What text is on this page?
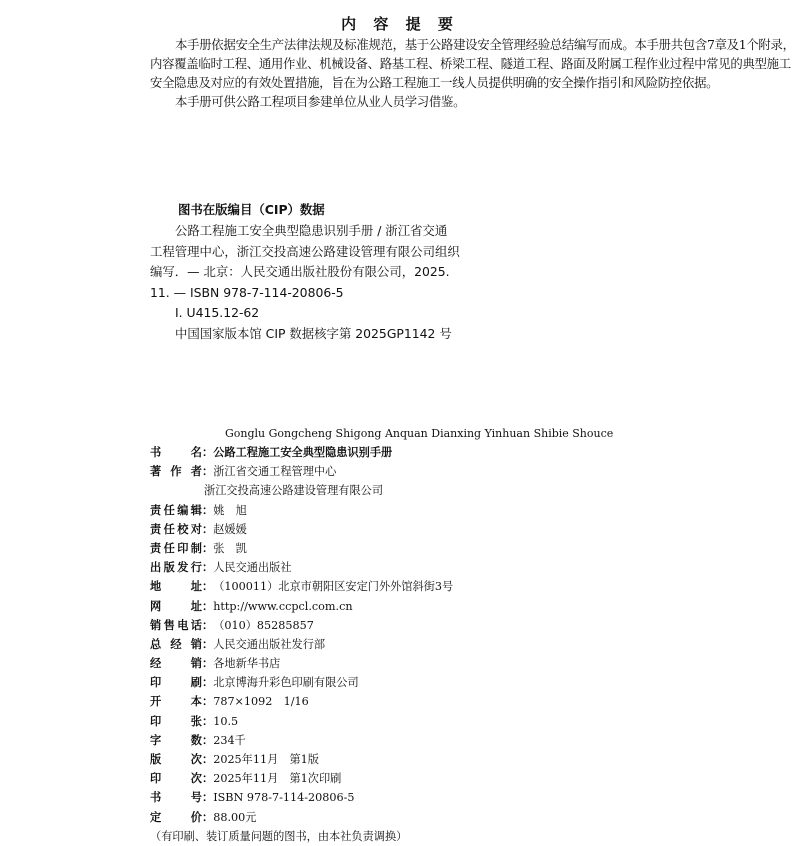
内 容 提 要

本手册依据安全生产法律法规及标准规范，基于公路建设安全管理经验总结编写而成。本手册共包含7章及1个附录，内容覆盖临时工程、通用作业、机械设备、路基工程、桥梁工程、隧道工程、路面及附属工程作业过程中常见的典型施工安全隐患及对应的有效处置措施，旨在为公路工程施工一线人员提供明确的安全操作指引和风险防控依据。

本手册可供公路工程项目参建单位从业人员学习借鉴。

图书在版编目（CIP）数据
公路工程施工安全典型隐患识别手册 / 浙江省交通
工程管理中心，浙江交投高速公路建设管理有限公司组织
编写．— 北京：人民交通出版社股份有限公司，2025.
11. — ISBN 978-7-114-20806-5
Ⅰ. U415.12-62
中国国家版本馆 CIP 数据核字第 2025GP1142 号
Gonglu Gongcheng Shigong Anquan Dianxing Yinhuan Shibie Shouce
书名 ： 公路工程施工安全典型隐患识别手册
著作者 ： 浙江省交通工程管理中心
浙江交投高速公路建设管理有限公司
责任编辑 ： 姚　旭
责任校对 ： 赵媛媛
责任印制 ： 张　凯
出版发行 ： 人民交通出版社
地址 ： （100011）北京市朝阳区安定门外外馆斜街3号
网址 ： http://www.ccpcl.com.cn
销售电话 ： （010）85285857
总经销 ： 人民交通出版社发行部
经销 ： 各地新华书店
印刷 ： 北京博海升彩色印刷有限公司
开本 ： 787×1092　1/16
印张 ： 10.5
字数 ： 234千
版次 ： 2025年11月　第1版
印次 ： 2025年11月　第1次印刷
书号 ： ISBN 978-7-114-20806-5
定价 ： 88.00元
（有印刷、装订质量问题的图书，由本社负责调换）
